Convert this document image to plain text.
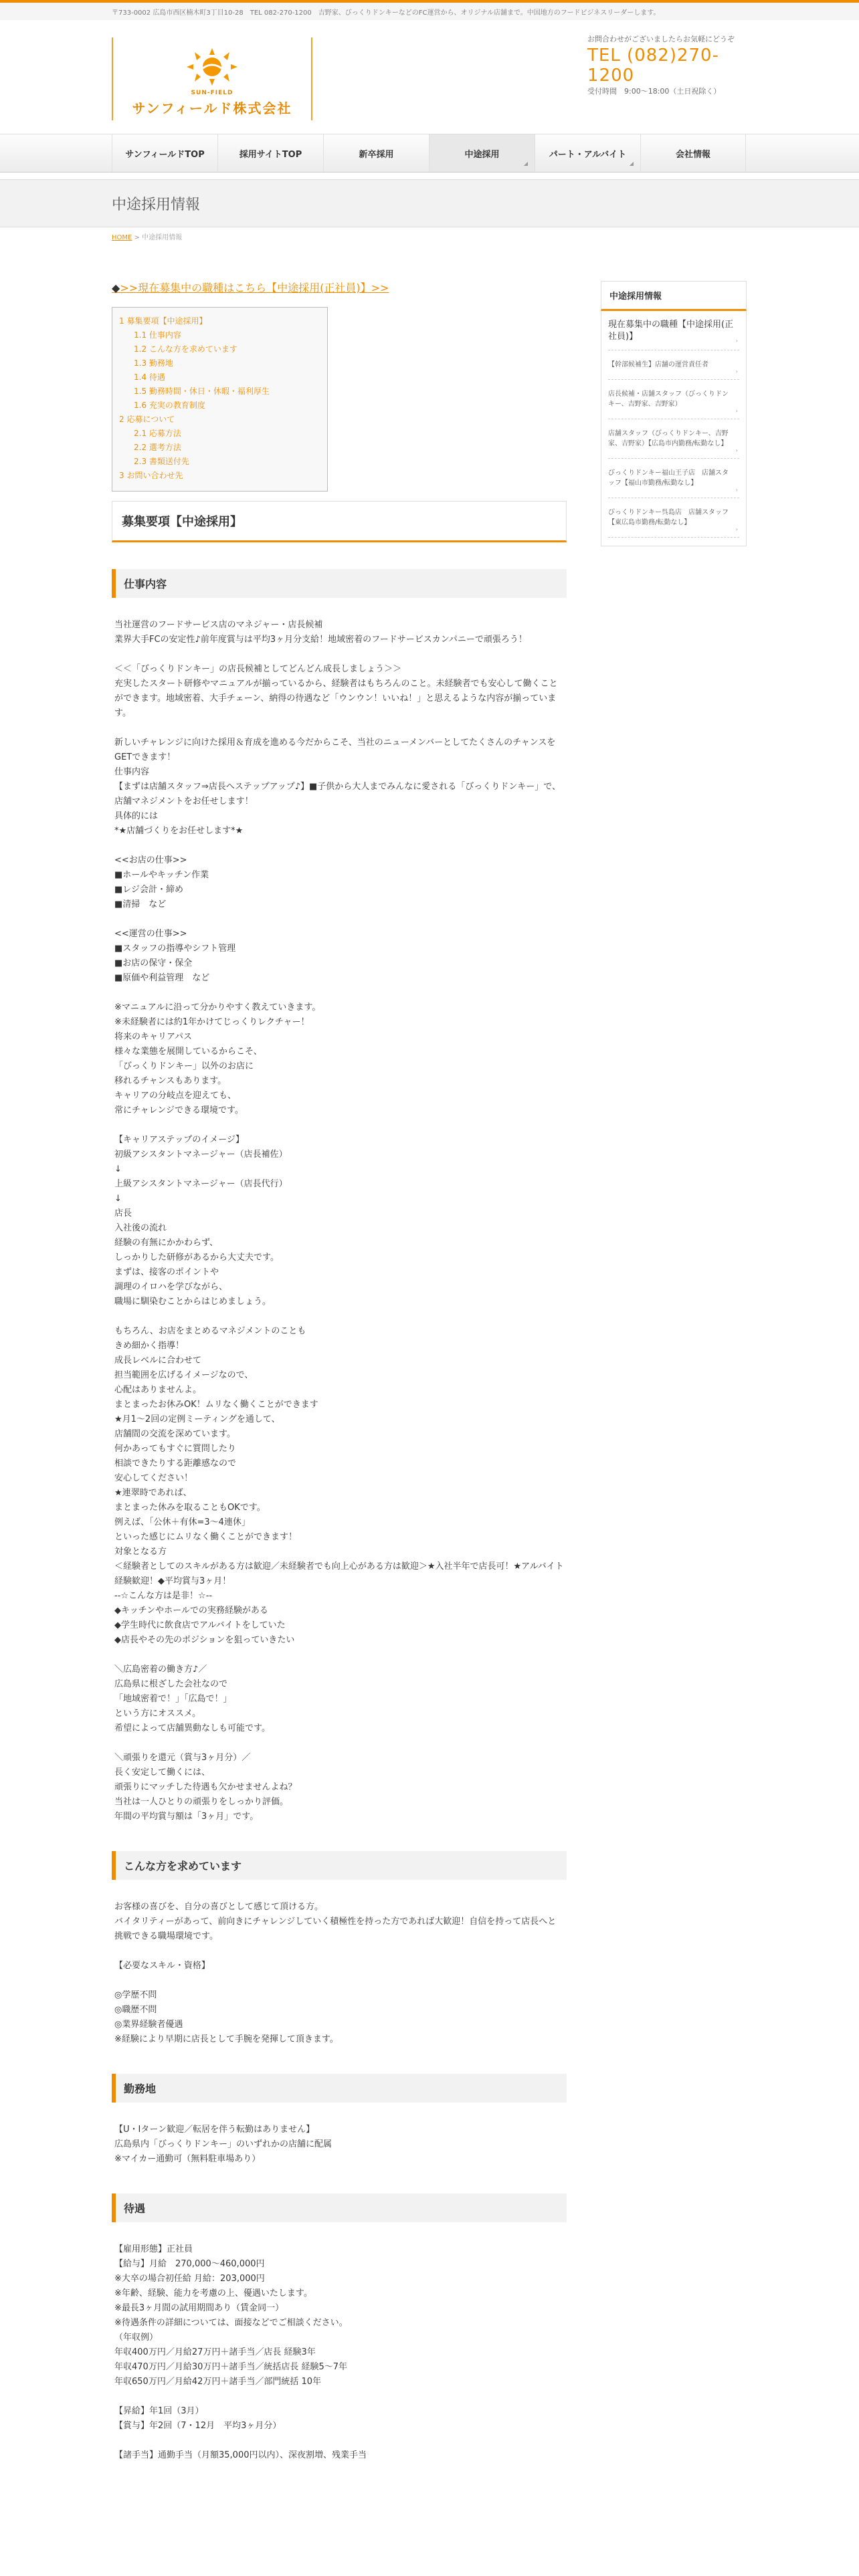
〒733-0002 広島市西区楠木町3丁目10-28　TEL 082-270-1200　吉野家、びっくりドンキーなどのFC運営から、オリジナル店舗まで。中国地方のフードビジネスリーダーします。
SUN-FIELD
サンフィールド株式会社
お問合わせがございましたらお気軽にどうぞ
TEL (082)270-1200
受付時間　9:00〜18:00（土日祝除く）
サンフィールドTOP	採用サイトTOP	新卒採用	中途採用
◢
パート・アルバイト
◢
会社情報
中途採用情報
HOME > 中途採用情報
◆>>現在募集中の職種はこちら【中途採用(正社員)】>>
1 募集要項【中途採用】
1.1 仕事内容
1.2 こんな方を求めています
1.3 勤務地
1.4 待遇
1.5 勤務時間・休日・休暇・福利厚生
1.6 充実の教育制度
2 応募について
2.1 応募方法
2.2 選考方法
2.3 書類送付先
3 お問い合わせ先
募集要項【中途採用】
仕事内容
当社運営のフードサービス店のマネジャー・店長候補
業界大手FCの安定性♪前年度賞与は平均3ヶ月分支給！地域密着のフードサービスカンパニーで頑張ろう！

＜＜「びっくりドンキー」の店長候補としてどんどん成長しましょう＞＞
充実したスタート研修やマニュアルが揃っているから、経験者はもちろんのこと。未経験者でも安心して働くことができます。地域密着、大手チェーン、納得の待遇など「ウンウン！いいね！」と思えるような内容が揃っています。

新しいチャレンジに向けた採用＆育成を進める今だからこそ、当社のニューメンバーとしてたくさんのチャンスをGETできます！
仕事内容
【まずは店舗スタッフ⇒店長へステップアップ♪】■子供から大人までみんなに愛される「びっくりドンキー」で、店舗マネジメントをお任せします！
具体的には
*★店舗づくりをお任せします*★

<<お店の仕事>>
■ホールやキッチン作業
■レジ会計・締め
■清掃　など

<<運営の仕事>>
■スタッフの指導やシフト管理
■お店の保守・保全
■原価や利益管理　など

※マニュアルに沿って分かりやすく教えていきます。
※未経験者には約1年かけてじっくりレクチャー！
将来のキャリアパス
様々な業態を展開しているからこそ、
「びっくりドンキー」以外のお店に
移れるチャンスもあります。
キャリアの分岐点を迎えても、
常にチャレンジできる環境です。

【キャリアステップのイメージ】
初級アシスタントマネージャー（店長補佐）
↓
上級アシスタントマネージャー（店長代行）
↓
店長
入社後の流れ
経験の有無にかかわらず、
しっかりした研修があるから大丈夫です。
まずは、接客のポイントや
調理のイロハを学びながら、
職場に馴染むことからはじめましょう。

もちろん、お店をまとめるマネジメントのことも
きめ細かく指導！
成長レベルに合わせて
担当範囲を広げるイメージなので、
心配はありませんよ。
まとまったお休みOK！ムリなく働くことができます
★月1〜2回の定例ミーティングを通して、
店舗間の交流を深めています。
何かあってもすぐに質問したり
相談できたりする距離感なので
安心してください！
★連翠時であれば、
まとまった休みを取ることもOKです。
例えば、「公休＋有休=3〜4連休」
といった感じにムリなく働くことができます！
対象となる方
＜経験者としてのスキルがある方は歓迎／未経験者でも向上心がある方は歓迎＞★入社半年で店長可！★アルバイト経験歓迎！◆平均賞与3ヶ月！
--☆こんな方は是非！☆--
◆キッチンやホールでの実務経験がある
◆学生時代に飲食店でアルバイトをしていた
◆店長やその先のポジションを狙っていきたい

＼広島密着の働き方♪／
広島県に根ざした会社なので
「地域密着で！」「広島で！」
という方にオススメ。
希望によって店舗異動なしも可能です。

＼頑張りを還元（賞与3ヶ月分）／
長く安定して働くには、
頑張りにマッチした待遇も欠かせませんよね？
当社は一人ひとりの頑張りをしっかり評価。
年間の平均賞与額は「3ヶ月」です。
こんな方を求めています
お客様の喜びを、自分の喜びとして感じて頂ける方。
バイタリティーがあって、前向きにチャレンジしていく積極性を持った方であれば大歓迎！自信を持って店長へと挑戦できる職場環境です。

【必要なスキル・資格】

◎学歴不問
◎職歴不問
◎業界経験者優遇
※経験により早期に店長として手腕を発揮して頂きます。
勤務地
【U・Iターン歓迎／転居を伴う転勤はありません】
広島県内「びっくりドンキー」のいずれかの店舗に配属
※マイカー通勤可（無料駐車場あり）
待遇
【雇用形態】正社員
【給与】月給　270,000〜460,000円
※大卒の場合初任給 月給：203,000円
※年齢、経験、能力を考慮の上、優遇いたします。
※最長3ヶ月間の試用期間あり（賃金同一）
※待遇条件の詳細については、面接などでご相談ください。
（年収例）
年収400万円／月給27万円＋諸手当／店長 経験3年
年収470万円／月給30万円＋諸手当／統括店長 経験5〜7年
年収650万円／月給42万円＋諸手当／部門統括 10年

【昇給】年1回（3月）
【賞与】年2回（7・12月　平均3ヶ月分）

【諸手当】通勤手当（月額35,000円以内）、深夜割増、残業手当
中途採用情報
現在募集中の職種【中途採用(正社員)】	›
【幹部候補生】店舗の運営責任者
›
店長候補・店舗スタッフ（びっくりドンキー、吉野家、吉野家）
›
店舗スタッフ（びっくりドンキー、吉野家、吉野家）【広島市内勤務/転勤なし】
›
びっくりドンキー福山王子店　店舗スタッフ【福山市勤務/転勤なし】
›
びっくりドンキー呉島店　店舗スタッフ【東広島市勤務/転勤なし】
›
